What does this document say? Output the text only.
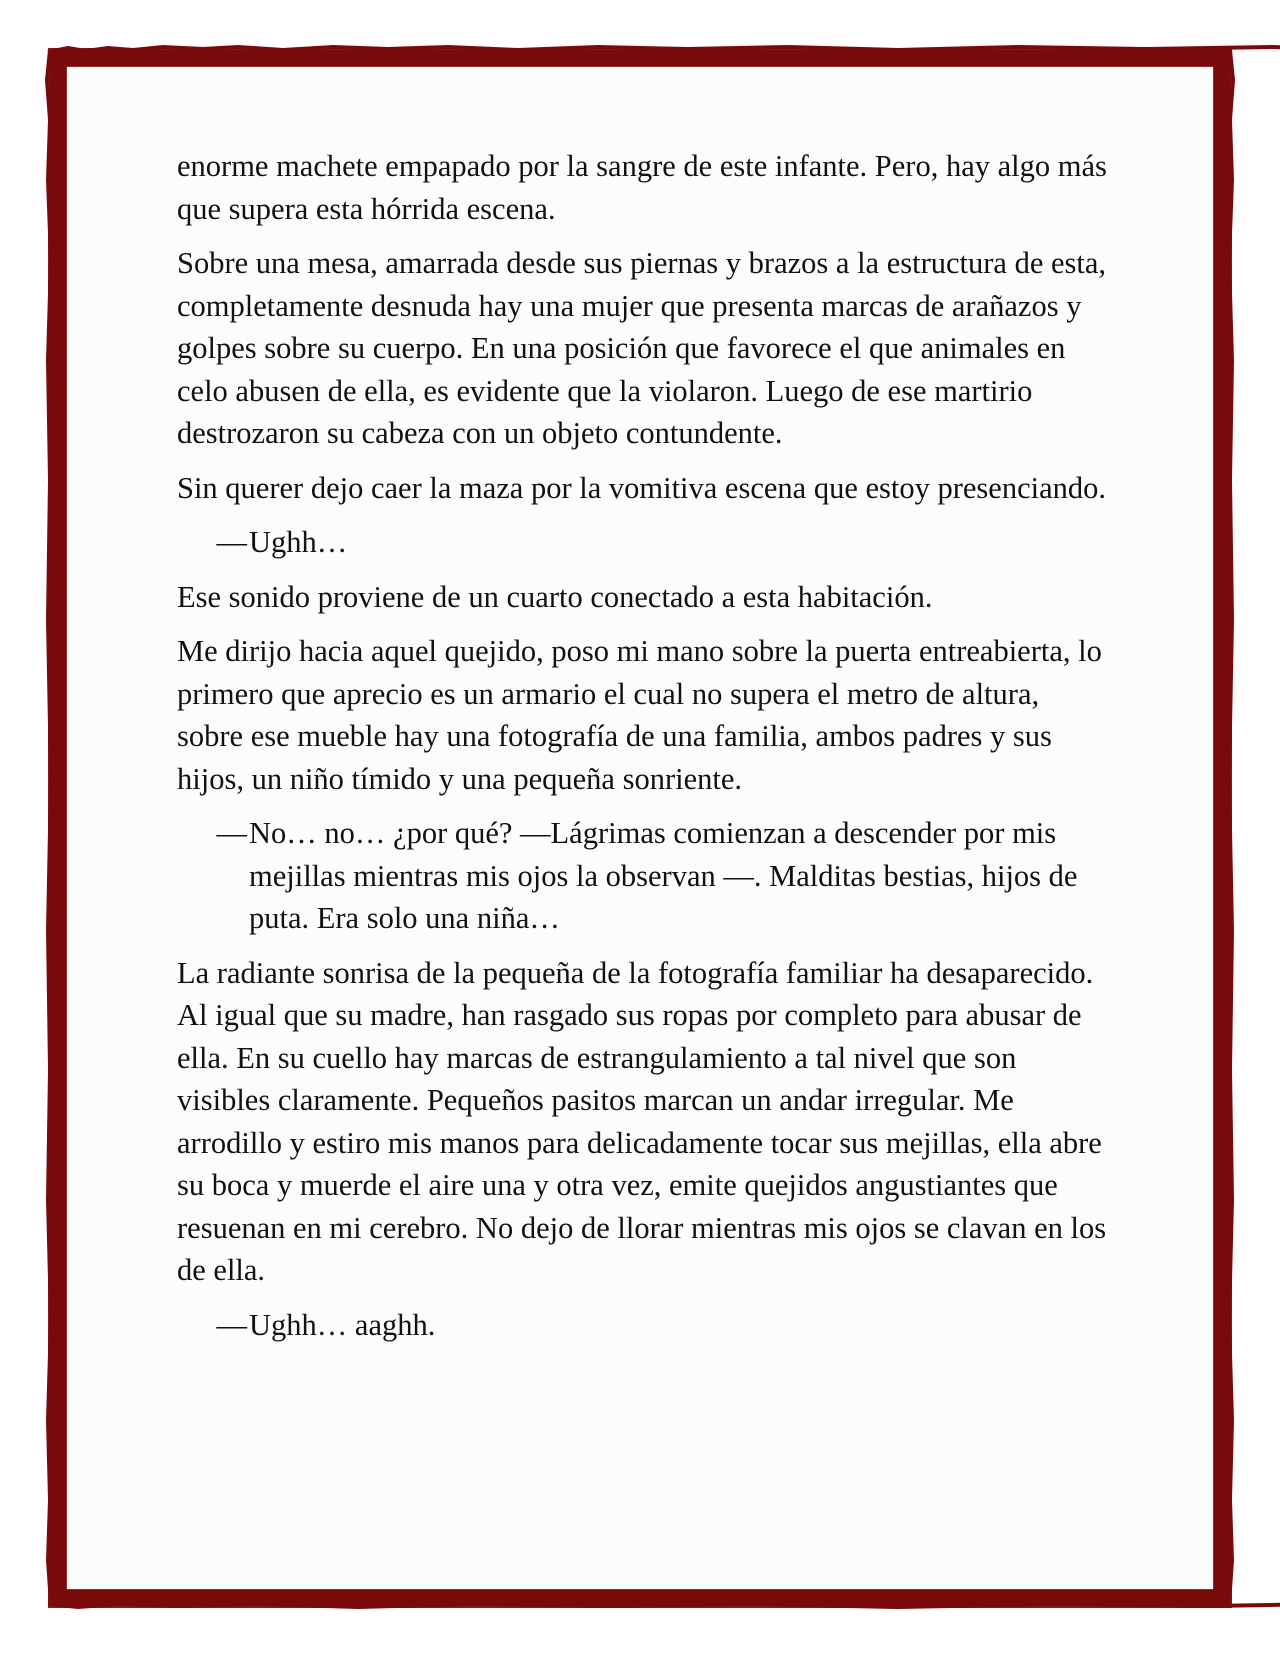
enorme machete empapado por la sangre de este infante. Pero, hay algo más que supera esta hórrida escena.

Sobre una mesa, amarrada desde sus piernas y brazos a la estructura de esta, completamente desnuda hay una mujer que presenta marcas de arañazos y golpes sobre su cuerpo. En una posición que favorece el que animales en celo abusen de ella, es evidente que la violaron. Luego de ese martirio destrozaron su cabeza con un objeto contundente.

Sin querer dejo caer la maza por la vomitiva escena que estoy presenciando.

— Ughh…

Ese sonido proviene de un cuarto conectado a esta habitación.

Me dirijo hacia aquel quejido, poso mi mano sobre la puerta entreabierta, lo primero que aprecio es un armario el cual no supera el metro de altura, sobre ese mueble hay una fotografía de una familia, ambos padres y sus hijos, un niño tímido y una pequeña sonriente.

— No… no… ¿por qué? —Lágrimas comienzan a descender por mis mejillas mientras mis ojos la observan —. Malditas bestias, hijos de puta. Era solo una niña…

La radiante sonrisa de la pequeña de la fotografía familiar ha desaparecido. Al igual que su madre, han rasgado sus ropas por completo para abusar de ella. En su cuello hay marcas de estrangulamiento a tal nivel que son visibles claramente. Pequeños pasitos marcan un andar irregular. Me arrodillo y estiro mis manos para delicadamente tocar sus mejillas, ella abre su boca y muerde el aire una y otra vez, emite quejidos angustiantes que resuenan en mi cerebro. No dejo de llorar mientras mis ojos se clavan en los de ella.

— Ughh… aaghh.
